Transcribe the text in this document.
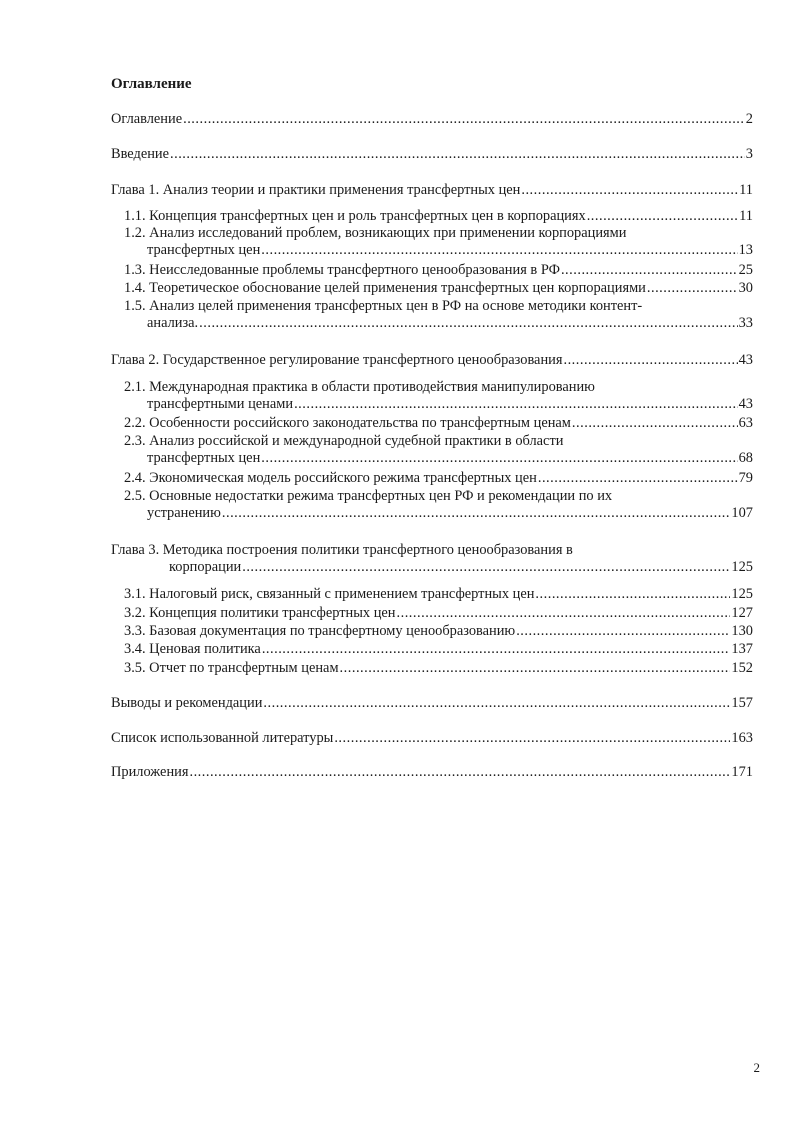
Оглавление
Оглавление .....	2
Введение .....	3
Глава 1. Анализ теории и практики применения трансфертных цен .....	11
1.1. Концепция трансфертных цен и роль трансфертных цен в корпорациях .....	11
1.2. Анализ исследований проблем, возникающих при применении корпорациями
трансфертных цен .....	13
1.3. Неисследованные проблемы трансфертного ценообразования в РФ .....	25
1.4. Теоретическое обоснование целей применения трансфертных цен корпорациями .....	30
1.5. Анализ целей применения трансфертных цен в РФ на основе методики контент-
анализа. .....	33
Глава 2. Государственное регулирование трансфертного ценообразования .....	43
2.1. Международная практика в области противодействия манипулированию
трансфертными ценами .....	43
2.2. Особенности российского законодательства по трансфертным ценам .....	63
2.3. Анализ российской и международной судебной практики в области
трансфертных цен .....	68
2.4. Экономическая модель российского режима трансфертных цен .....	79
2.5. Основные недостатки режима трансфертных цен РФ и рекомендации по их
устранению .....	107
Глава 3. Методика построения политики трансфертного ценообразования в
корпорации .....	125
3.1. Налоговый риск, связанный с применением трансфертных цен .....	125
3.2. Концепция политики трансфертных цен .....	127
3.3. Базовая документация по трансфертному ценообразованию .....	130
3.4. Ценовая политика .....	137
3.5. Отчет по трансфертным ценам .....	152
Выводы и рекомендации .....	157
Список использованной литературы .....	163
Приложения .....	171
2
